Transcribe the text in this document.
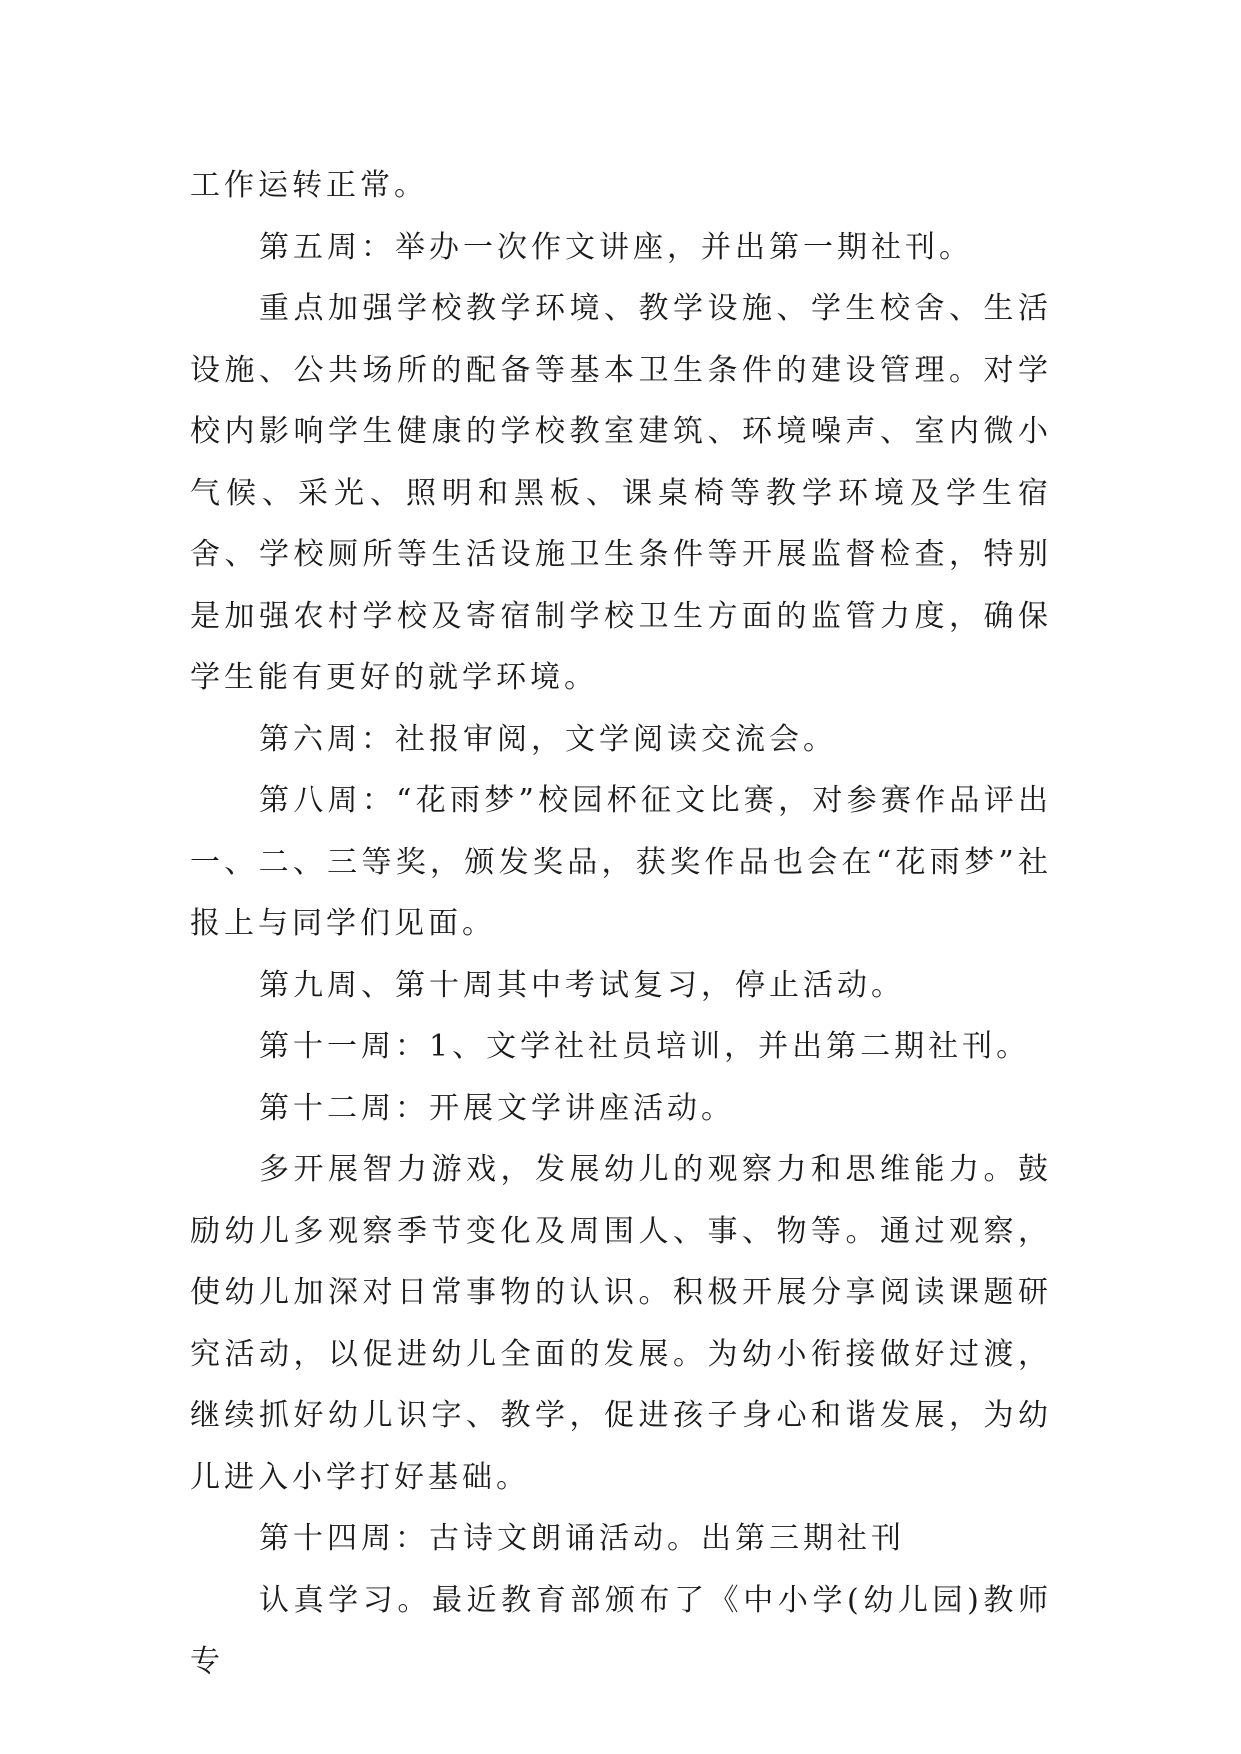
工作运转正常。

第五周：举办一次作文讲座，并出第一期社刊。

重点加强学校教学环境、教学设施、学生校舍、生活设施、公共场所的配备等基本卫生条件的建设管理。对学校内影响学生健康的学校教室建筑、环境噪声、室内微小气候、采光、照明和黑板、课桌椅等教学环境及学生宿舍、学校厕所等生活设施卫生条件等开展监督检查，特别是加强农村学校及寄宿制学校卫生方面的监管力度，确保学生能有更好的就学环境。

第六周：社报审阅，文学阅读交流会。

第八周：“花雨梦”校园杯征文比赛，对参赛作品评出一、二、三等奖，颁发奖品，获奖作品也会在“花雨梦”社报上与同学们见面。

第九周、第十周其中考试复习，停止活动。

第十一周：1、文学社社员培训，并出第二期社刊。

第十二周：开展文学讲座活动。

多开展智力游戏，发展幼儿的观察力和思维能力。鼓励幼儿多观察季节变化及周围人、事、物等。通过观察，使幼儿加深对日常事物的认识。积极开展分享阅读课题研究活动，以促进幼儿全面的发展。为幼小衔接做好过渡，继续抓好幼儿识字、教学，促进孩子身心和谐发展，为幼儿进入小学打好基础。

第十四周：古诗文朗诵活动。出第三期社刊

认真学习。最近教育部颁布了《中小学(幼儿园)教师专
